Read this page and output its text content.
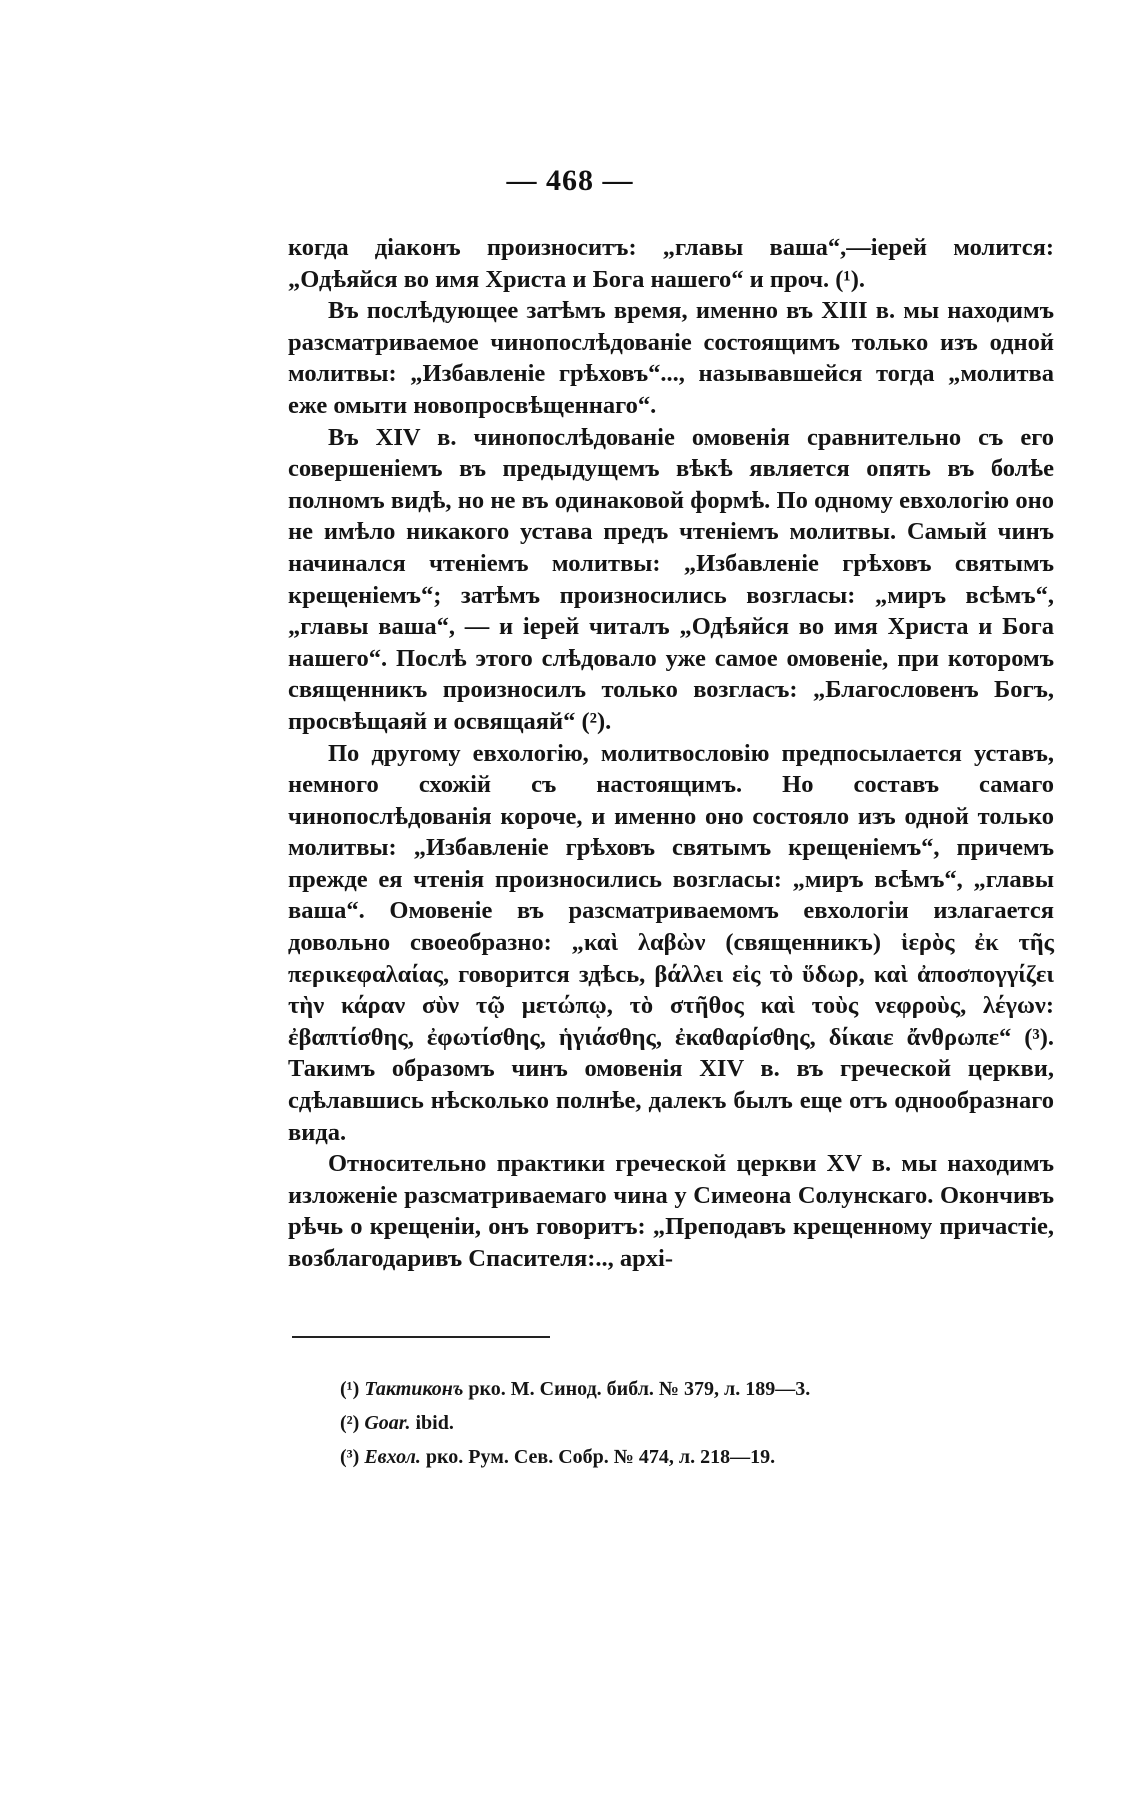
— 468 —

когда діаконъ произноситъ: „главы ваша“,—іерей молится: „Одѣяйся во имя Христа и Бога нашего“ и проч. (¹).

Въ послѣдующее затѣмъ время, именно въ XIII в. мы находимъ разсматриваемое чинопослѣдованіе состоящимъ только изъ одной молитвы: „Избавленіе грѣховъ“..., называвшейся тогда „молитва еже омыти новопросвѣщеннаго“.

Въ XIV в. чинопослѣдованіе омовенія сравнительно съ его совершеніемъ въ предыдущемъ вѣкѣ является опять въ болѣе полномъ видѣ, но не въ одинаковой формѣ. По одному евхологію оно не имѣло никакого устава предъ чтеніемъ молитвы. Самый чинъ начинался чтеніемъ молитвы: „Избавленіе грѣховъ святымъ крещеніемъ“; затѣмъ произносились возгласы: „миръ всѣмъ“, „главы ваша“, — и іерей читалъ „Одѣяйся во имя Христа и Бога нашего“. Послѣ этого слѣдовало уже самое омовеніе, при которомъ священникъ произносилъ только возгласъ: „Благословенъ Богъ, просвѣщаяй и освящаяй“ (²).

По другому евхологію, молитвословію предпосылается уставъ, немного схожій съ настоящимъ. Но составъ самаго чинопослѣдованія короче, и именно оно состояло изъ одной только молитвы: „Избавленіе грѣховъ святымъ крещеніемъ“, причемъ прежде ея чтенія произносились возгласы: „миръ всѣмъ“, „главы ваша“. Омовеніе въ разсматриваемомъ евхологіи излагается довольно своеобразно: „καὶ λαβὼν (священникъ) ἱερὸς ἐκ τῆς περικεφαλαίας, говорится здѣсь, βάλλει εἰς τὸ ὕδωρ, καὶ ἀποσπογγίζει τὴν κάραν σὺν τῷ μετώπῳ, τὸ στῆθος καὶ τοὺς νεφροὺς, λέγων: ἐβαπτίσθης, ἐφωτίσθης, ἡγιάσθης, ἐκαθαρίσθης, δίκαιε ἄνθρωπε“ (³). Такимъ образомъ чинъ омовенія XIV в. въ греческой церкви, сдѣлавшись нѣсколько полнѣе, далекъ былъ еще отъ однообразнаго вида.

Относительно практики греческой церкви XV в. мы находимъ изложеніе разсматриваемаго чина у Симеона Солунскаго. Окончивъ рѣчь о крещеніи, онъ говоритъ: „Преподавъ крещенному причастіе, возблагодаривъ Спасителя:.., архі-

(¹) Тактиконъ рко. М. Синод. библ. № 379, л. 189—3.
(²) Goar. ibid.
(³) Евхол. рко. Рум. Сев. Собр. № 474, л. 218—19.
